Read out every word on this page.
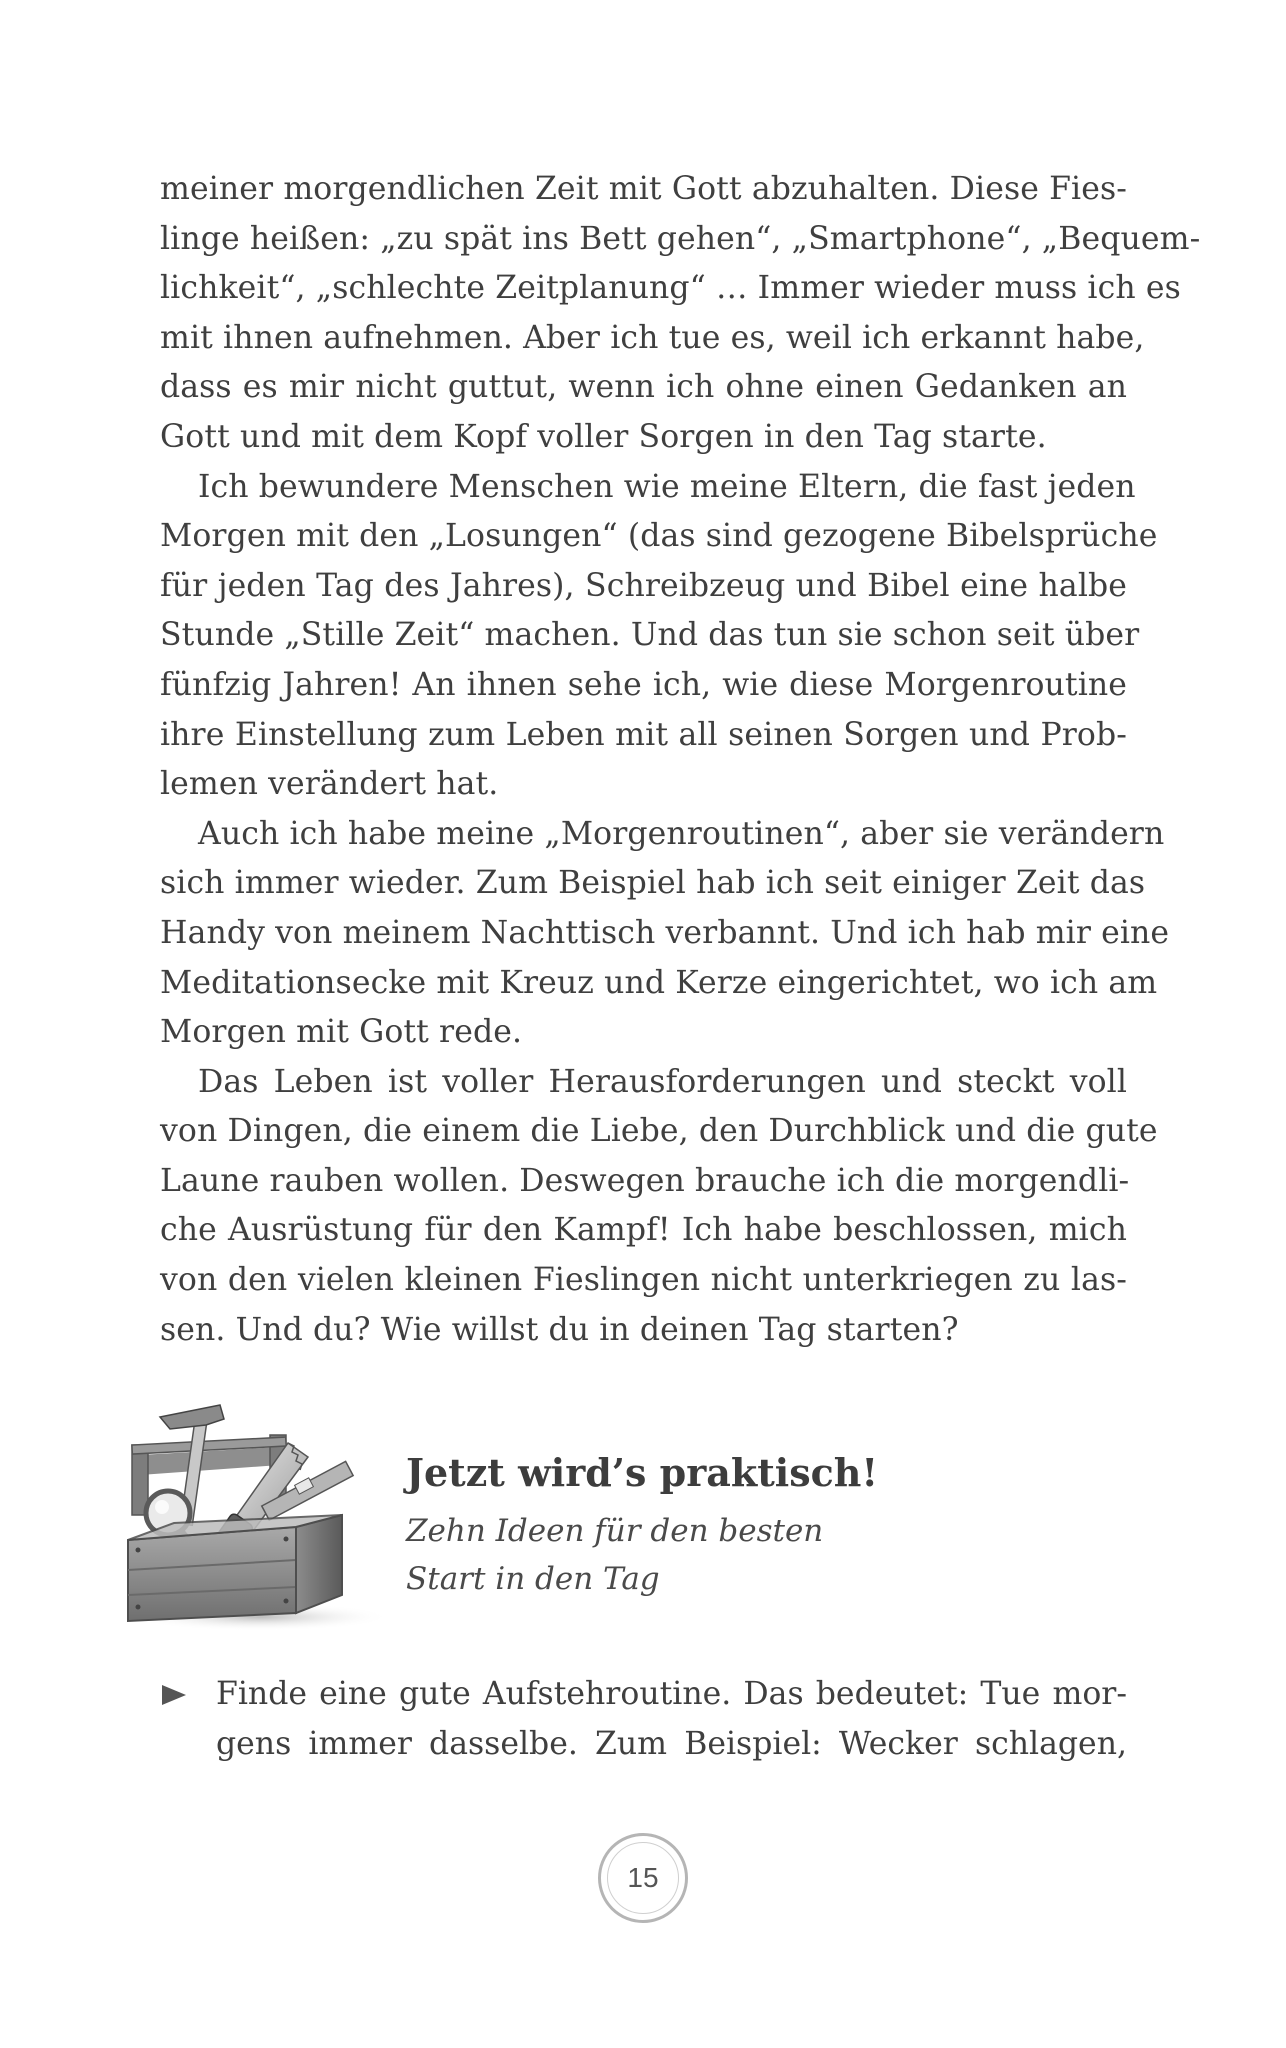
meiner morgendlichen Zeit mit Gott abzuhalten. Diese Fies-
linge heißen: „zu spät ins Bett gehen“, „Smartphone“, „Bequem-
lichkeit“, „schlechte Zeitplanung“ … Immer wieder muss ich es
mit ihnen aufnehmen. Aber ich tue es, weil ich erkannt habe,
dass es mir nicht guttut, wenn ich ohne einen Gedanken an
Gott und mit dem Kopf voller Sorgen in den Tag starte.
Ich bewundere Menschen wie meine Eltern, die fast jeden
Morgen mit den „Losungen“ (das sind gezogene Bibelsprüche
für jeden Tag des Jahres), Schreibzeug und Bibel eine halbe
Stunde „Stille Zeit“ machen. Und das tun sie schon seit über
fünfzig Jahren! An ihnen sehe ich, wie diese Morgenroutine
ihre Einstellung zum Leben mit all seinen Sorgen und Prob-
lemen verändert hat.
Auch ich habe meine „Morgenroutinen“, aber sie verändern
sich immer wieder. Zum Beispiel hab ich seit einiger Zeit das
Handy von meinem Nachttisch verbannt. Und ich hab mir eine
Meditationsecke mit Kreuz und Kerze eingerichtet, wo ich am
Morgen mit Gott rede.
Das Leben ist voller Herausforderungen und steckt voll
von Dingen, die einem die Liebe, den Durchblick und die gute
Laune rauben wollen. Deswegen brauche ich die morgendli-
che Ausrüstung für den Kampf! Ich habe beschlossen, mich
von den vielen kleinen Fieslingen nicht unterkriegen zu las-
sen. Und du? Wie willst du in deinen Tag starten?
Jetzt wird’s praktisch!
Zehn Ideen für den besten
Start in den Tag
Finde eine gute Aufstehroutine. Das bedeutet: Tue mor-
gens immer dasselbe. Zum Beispiel: Wecker schlagen,
15
